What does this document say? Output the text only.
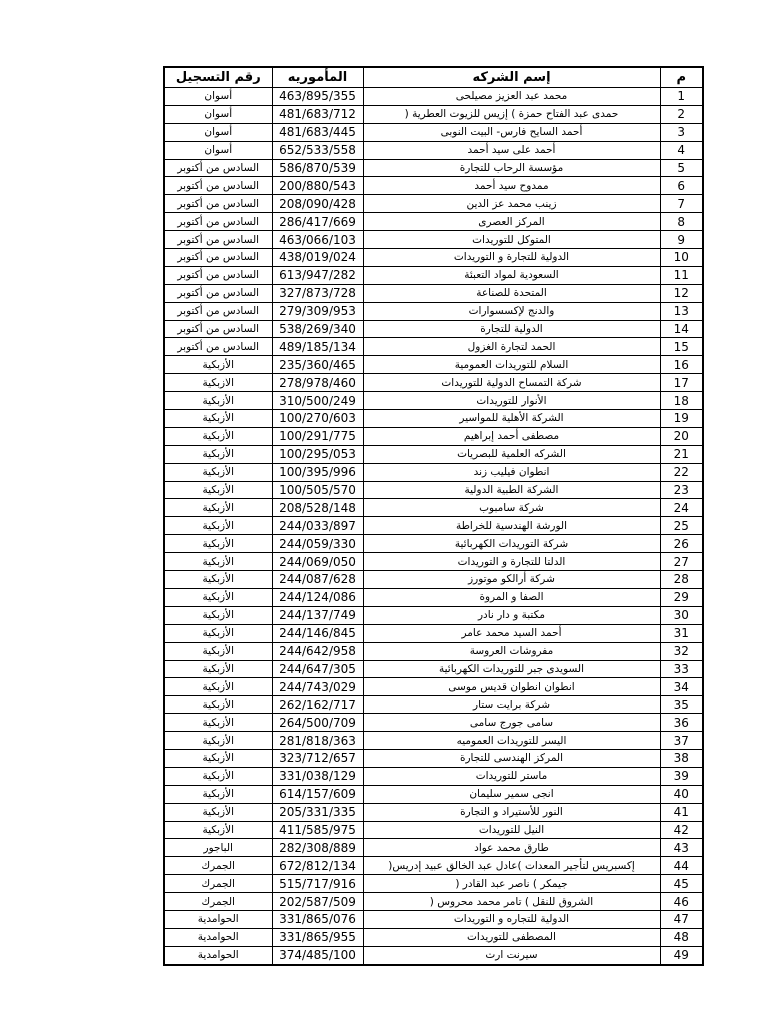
م	إسم الشركه	المأموريه	رقم التسجيل
1	محمد عبد العزيز مصيلحى	463/895/355	أسوان
2	حمدى عبد الفتاح حمزة ) إزيس للزيوت العطرية (	481/683/712	أسوان
3	أحمد السايح فارس- البيت النوبى	481/683/445	أسوان
4	أحمد على سيد أحمد	652/533/558	أسوان
5	مؤسسة الرحاب للتجارة	586/870/539	السادس من أكتوبر
6	ممدوح سيد أحمد	200/880/543	السادس من أكتوبر
7	زينب محمد عز الدين	208/090/428	السادس من أكتوبر
8	المركز العصرى	286/417/669	السادس من أكتوبر
9	المتوكل للتوريدات	463/066/103	السادس من أكتوبر
10	الدولية للتجارة و التوريدات	438/019/024	السادس من أكتوبر
11	السعودية لمواد التعبئة	613/947/282	السادس من أكتوبر
12	المتحدة للصناعة	327/873/728	السادس من أكتوبر
13	والدنج لإكسسوارات	279/309/953	السادس من أكتوبر
14	الدولية للتجارة	538/269/340	السادس من أكتوبر
15	الحمد لتجارة الغزول	489/185/134	السادس من أكتوبر
16	السلام للتوريدات العمومية	235/360/465	الأزبكية
17	شركة التمساح الدولية للتوريدات	278/978/460	الازبكية
18	الأنوار للتوريدات	310/500/249	الأزبكية
19	الشركة الأهلية للمواسير	100/270/603	الأزبكية
20	مصطفى أحمد إبراهيم	100/291/775	الأزبكية
21	الشركه العلمية للبصريات	100/295/053	الأزبكية
22	انطوان فيليب زند	100/395/996	الأزبكية
23	الشركة الطبية الدولية	100/505/570	الأزبكية
24	شركة سامبوب	208/528/148	الأزبكية
25	الورشة الهندسية للخراطة	244/033/897	الأزبكية
26	شركة التوريدات الكهربائية	244/059/330	الأزبكية
27	الدلتا للتجارة و التوريدات	244/069/050	الأزبكية
28	شركة أرالكو موتورز	244/087/628	الأزبكية
29	الصفا و المروة	244/124/086	الأزبكية
30	مكتبة و دار نادر	244/137/749	الأزبكية
31	أحمد السيد محمد عامر	244/146/845	الأزبكية
32	مفروشات العروسة	244/642/958	الأزبكية
33	السويدى جبر للتوريدات الكهربائية	244/647/305	الأزبكية
34	انطوان انطوان قديس موسى	244/743/029	الأزبكية
35	شركة برايت ستار	262/162/717	الأزبكية
36	سامى جورج سامى	264/500/709	الأزبكية
37	اليسر للتوريدات العموميه	281/818/363	الأزبكية
38	المركز الهندسى للتجارة	323/712/657	الأزبكية
39	ماستر للتوريدات	331/038/129	الأزبكية
40	انجى سمير سليمان	614/157/609	الأزبكية
41	النور للأستيراد و التجارة	205/331/335	الأزبكية
42	النيل للتوريدات	411/585/975	الأزبكية
43	طارق محمد عواد	282/308/889	الباجور
44	إكسبريس لتأجير المعدات )عادل عبد الخالق عبيد إدريس(	672/812/134	الجمرك
45	جيمكر ) ناصر عبد القادر (	515/717/916	الجمرك
46	الشروق للنقل ) تامر محمد محروس (	202/587/509	الجمرك
47	الدولية للتجاره و التوريدات	331/865/076	الحوامدية
48	المصطفى للتوريدات	331/865/955	الحوامدية
49	سيرنت ارت	374/485/100	الحوامدية
